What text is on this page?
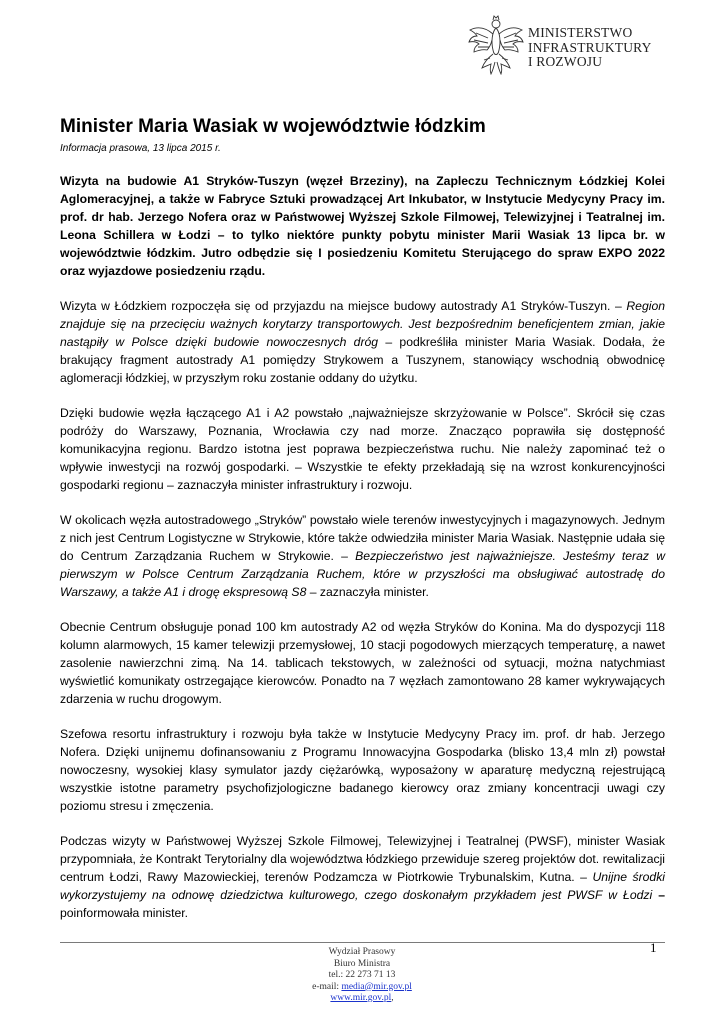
MINISTERSTWO
INFRASTRUKTURY
I ROZWOJU
Minister Maria Wasiak w województwie łódzkim
Informacja prasowa, 13 lipca 2015 r.

Wizyta na budowie A1 Stryków-Tuszyn (węzeł Brzeziny), na Zapleczu Technicznym Łódzkiej Kolei Aglomeracyjnej, a także w Fabryce Sztuki prowadzącej Art Inkubator, w Instytucie Medycyny Pracy im. prof. dr hab. Jerzego Nofera oraz w Państwowej Wyższej Szkole Filmowej, Telewizyjnej i Teatralnej im. Leona Schillera w Łodzi – to tylko niektóre punkty pobytu minister Marii Wasiak 13 lipca br. w województwie łódzkim. Jutro odbędzie się I posiedzeniu Komitetu Sterującego do spraw EXPO 2022 oraz wyjazdowe posiedzeniu rządu.

Wizyta w Łódzkiem rozpoczęła się od przyjazdu na miejsce budowy autostrady A1 Stryków-Tuszyn. – Region znajduje się na przecięciu ważnych korytarzy transportowych. Jest bezpośrednim beneficjentem zmian, jakie nastąpiły w Polsce dzięki budowie nowoczesnych dróg – podkreśliła minister Maria Wasiak. Dodała, że brakujący fragment autostrady A1 pomiędzy Strykowem a Tuszynem, stanowiący wschodnią obwodnicę aglomeracji łódzkiej, w przyszłym roku zostanie oddany do użytku.

Dzięki budowie węzła łączącego A1 i A2 powstało „najważniejsze skrzyżowanie w Polsce”. Skrócił się czas podróży do Warszawy, Poznania, Wrocławia czy nad morze. Znacząco poprawiła się dostępność komunikacyjna regionu. Bardzo istotna jest poprawa bezpieczeństwa ruchu. Nie należy zapominać też o wpływie inwestycji na rozwój gospodarki. – Wszystkie te efekty przekładają się na wzrost konkurencyjności gospodarki regionu – zaznaczyła minister infrastruktury i rozwoju.

W okolicach węzła autostradowego „Stryków” powstało wiele terenów inwestycyjnych i magazynowych. Jednym z nich jest Centrum Logistyczne w Strykowie, które także odwiedziła minister Maria Wasiak. Następnie udała się do Centrum Zarządzania Ruchem w Strykowie. – Bezpieczeństwo jest najważniejsze. Jesteśmy teraz w pierwszym w Polsce Centrum Zarządzania Ruchem, które w przyszłości ma obsługiwać autostradę do Warszawy, a także A1 i drogę ekspresową S8 – zaznaczyła minister.

Obecnie Centrum obsługuje ponad 100 km autostrady A2 od węzła Stryków do Konina. Ma do dyspozycji 118 kolumn alarmowych, 15 kamer telewizji przemysłowej, 10 stacji pogodowych mierzących temperaturę, a nawet zasolenie nawierzchni zimą. Na 14. tablicach tekstowych, w zależności od sytuacji, można natychmiast wyświetlić komunikaty ostrzegające kierowców. Ponadto na 7 węzłach zamontowano 28 kamer wykrywających zdarzenia w ruchu drogowym.

Szefowa resortu infrastruktury i rozwoju była także w Instytucie Medycyny Pracy im. prof. dr hab. Jerzego Nofera. Dzięki unijnemu dofinansowaniu z Programu Innowacyjna Gospodarka (blisko 13,4 mln zł) powstał nowoczesny, wysokiej klasy symulator jazdy ciężarówką, wyposażony w aparaturę medyczną rejestrującą wszystkie istotne parametry psychofizjologiczne badanego kierowcy oraz zmiany koncentracji uwagi czy poziomu stresu i zmęczenia.

Podczas wizyty w Państwowej Wyższej Szkole Filmowej, Telewizyjnej i Teatralnej (PWSF), minister Wasiak przypomniała, że Kontrakt Terytorialny dla województwa łódzkiego przewiduje szereg projektów dot. rewitalizacji centrum Łodzi, Rawy Mazowieckiej, terenów Podzamcza w Piotrkowie Trybunalskim, Kutna. – Unijne środki wykorzystujemy na odnowę dziedzictwa kulturowego, czego doskonałym przykładem jest PWSF w Łodzi – poinformowała minister.

1
Wydział Prasowy
Biuro Ministra
tel.: 22 273 71 13
e-mail: media@mir.gov.pl
www.mir.gov.pl,
